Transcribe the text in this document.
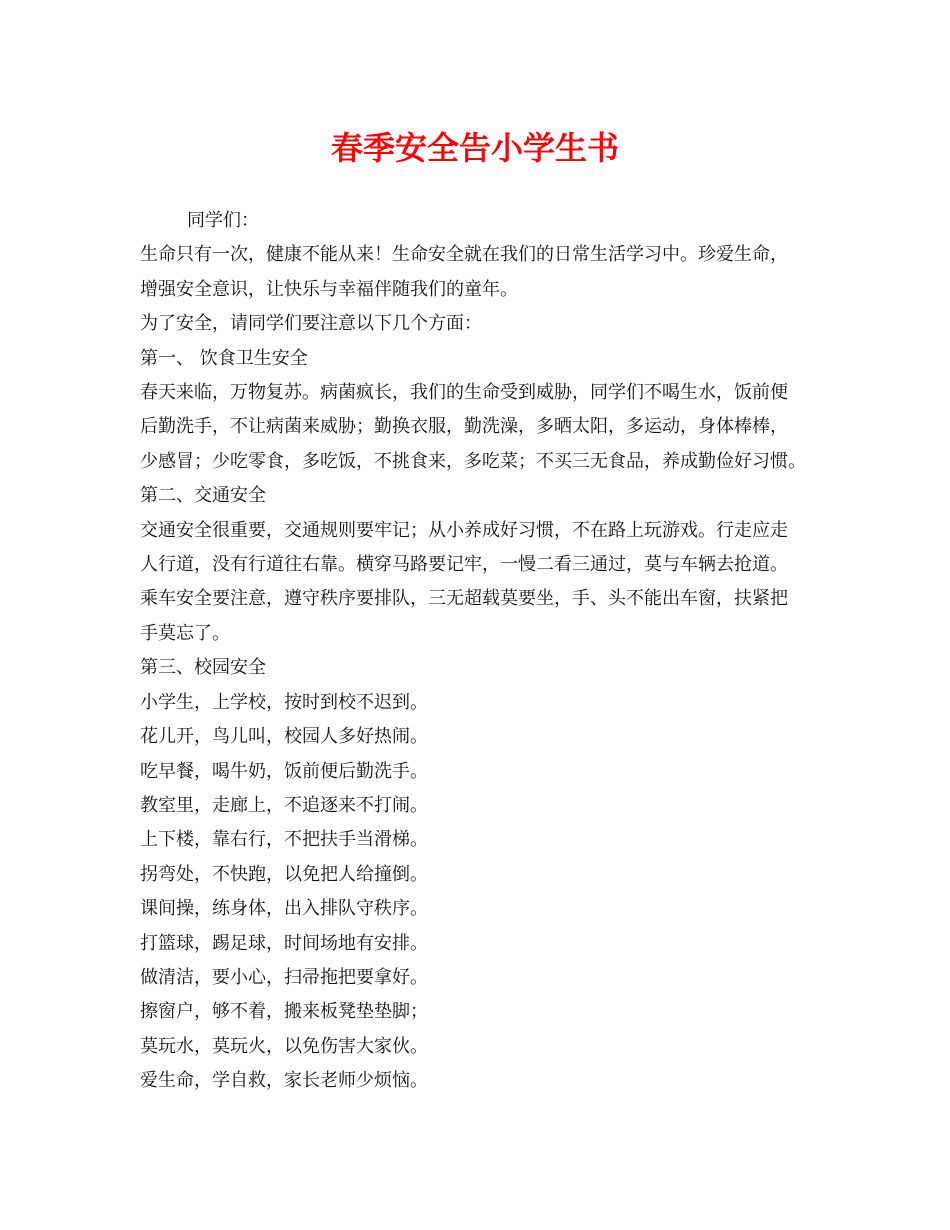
春季安全告小学生书

同学们：

生命只有一次，健康不能从来！生命安全就在我们的日常生活学习中。珍爱生命，

增强安全意识，让快乐与幸福伴随我们的童年。

为了安全，请同学们要注意以下几个方面：

第一、 饮食卫生安全

春天来临，万物复苏。病菌疯长，我们的生命受到威胁，同学们不喝生水，饭前便

后勤洗手，不让病菌来威胁；勤换衣服，勤洗澡，多晒太阳，多运动，身体棒棒，

少感冒；少吃零食，多吃饭，不挑食来，多吃菜；不买三无食品，养成勤俭好习惯。

第二、交通安全

交通安全很重要，交通规则要牢记；从小养成好习惯，不在路上玩游戏。行走应走

人行道，没有行道往右靠。横穿马路要记牢，一慢二看三通过，莫与车辆去抢道。

乘车安全要注意，遵守秩序要排队，三无超载莫要坐，手、头不能出车窗，扶紧把

手莫忘了。

第三、校园安全

小学生，上学校，按时到校不迟到。

花儿开，鸟儿叫，校园人多好热闹。

吃早餐，喝牛奶，饭前便后勤洗手。

教室里，走廊上，不追逐来不打闹。

上下楼，靠右行，不把扶手当滑梯。

拐弯处，不快跑，以免把人给撞倒。

课间操，练身体，出入排队守秩序。

打篮球，踢足球，时间场地有安排。

做清洁，要小心，扫帚拖把要拿好。

擦窗户，够不着，搬来板凳垫垫脚；

莫玩水，莫玩火，以免伤害大家伙。

爱生命，学自救，家长老师少烦恼。
